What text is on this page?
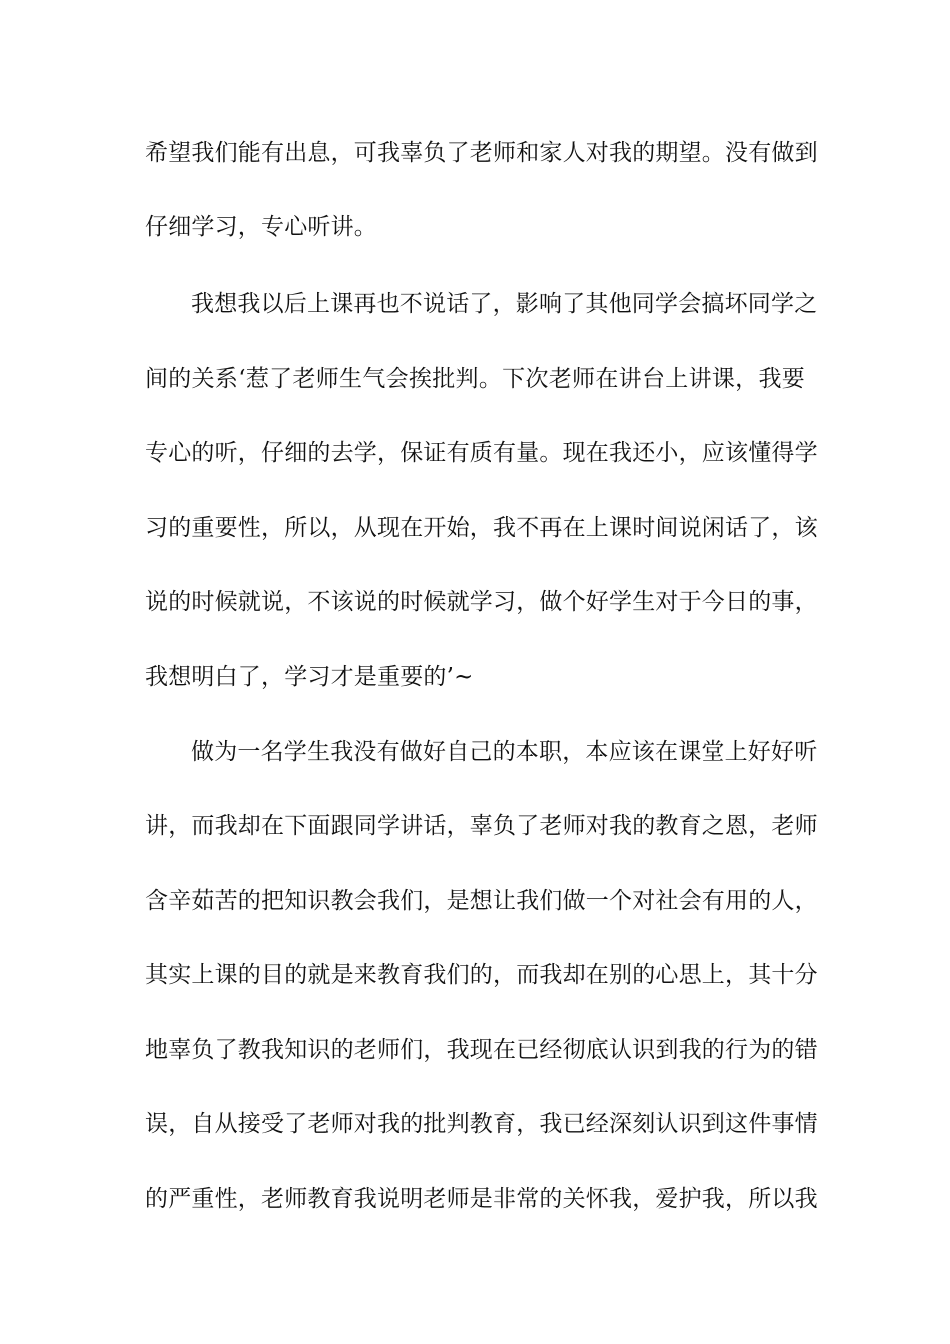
希望我们能有出息，可我辜负了老师和家人对我的期望。没有做到
仔细学习，专心听讲。
我想我以后上课再也不说话了，影响了其他同学会搞坏同学之
间的关系‘惹了老师生气会挨批判。下次老师在讲台上讲课，我要
专心的听，仔细的去学，保证有质有量。现在我还小，应该懂得学
习的重要性，所以，从现在开始，我不再在上课时间说闲话了，该
说的时候就说，不该说的时候就学习，做个好学生对于今日的事，
我想明白了，学习才是重要的’~
做为一名学生我没有做好自己的本职，本应该在课堂上好好听
讲，而我却在下面跟同学讲话，辜负了老师对我的教育之恩，老师
含辛茹苦的把知识教会我们，是想让我们做一个对社会有用的人，
其实上课的目的就是来教育我们的，而我却在别的心思上，其十分
地辜负了教我知识的老师们，我现在已经彻底认识到我的行为的错
误，自从接受了老师对我的批判教育，我已经深刻认识到这件事情
的严重性，老师教育我说明老师是非常的关怀我，爱护我，所以我
